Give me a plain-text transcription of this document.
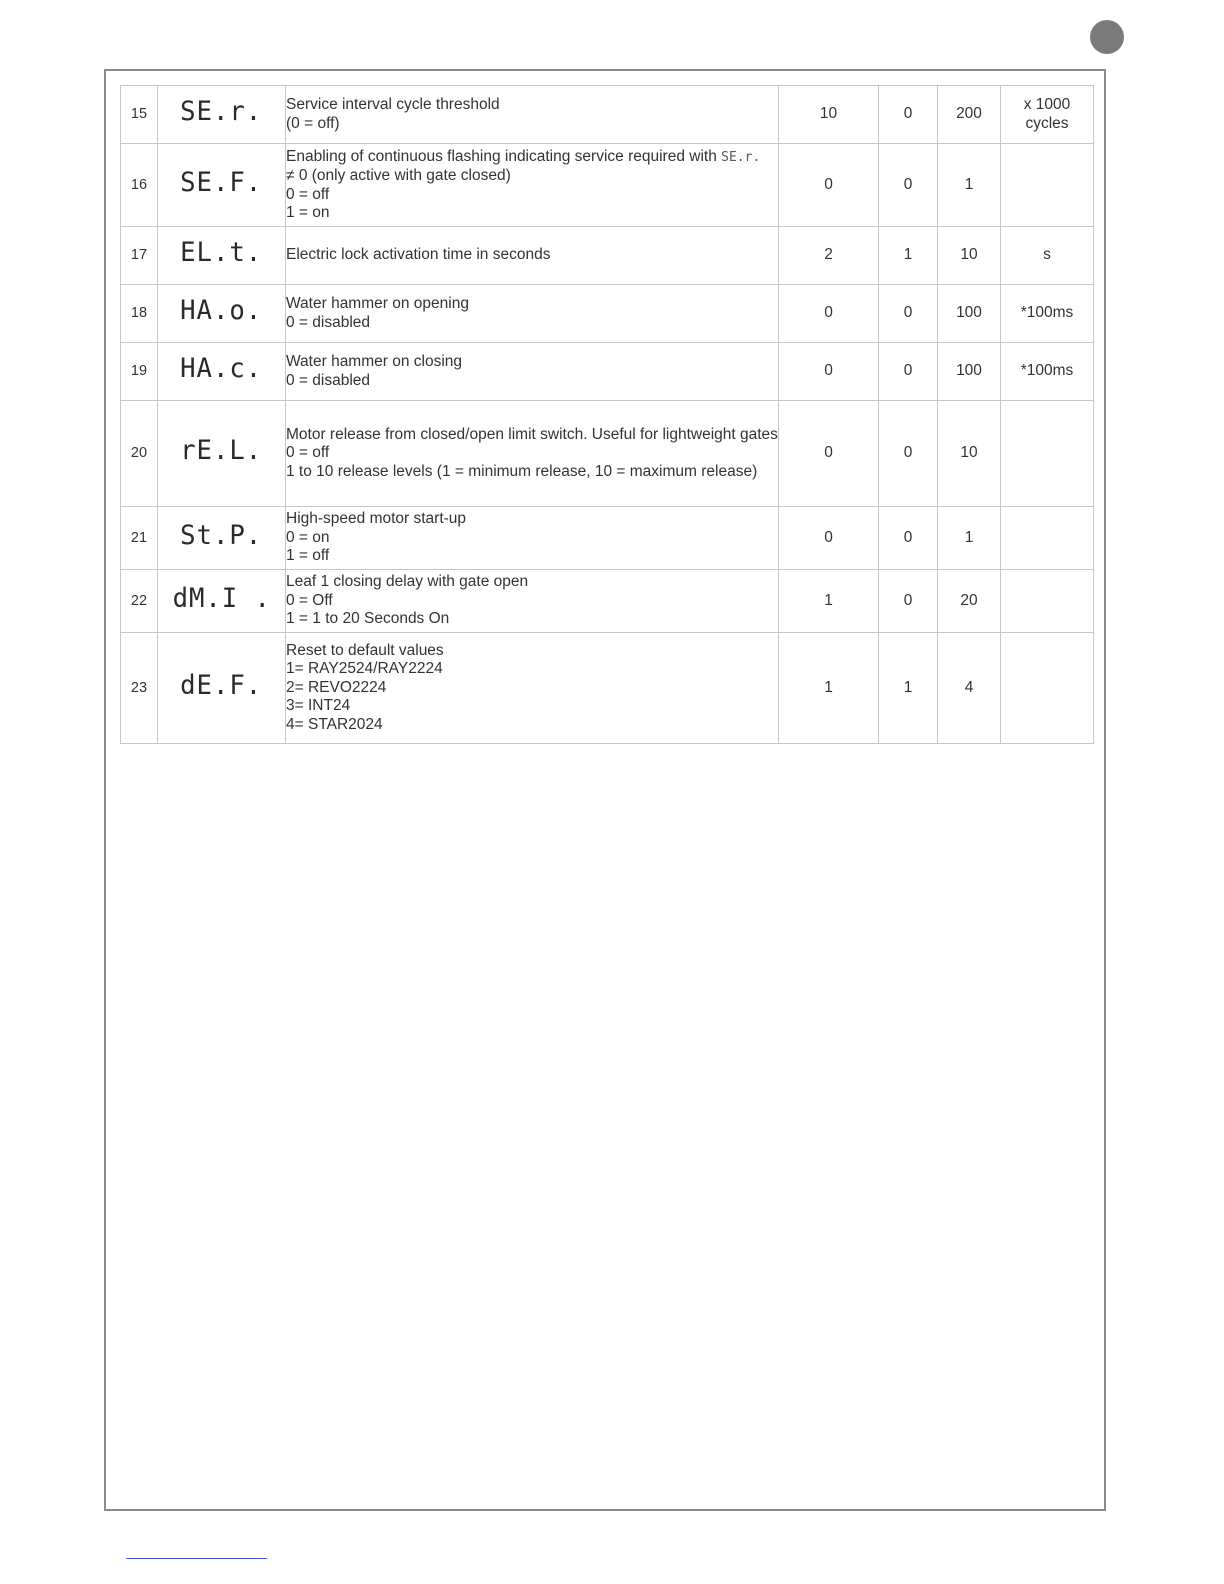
15	SE.r.	Service interval cycle threshold
(0 = off)	10	0	200	x 1000 cycles
16	SE.F.	Enabling of continuous flashing indicating service required with SE.r.
≠ 0 (only active with gate closed)
0 = off
1 = on	0	0	1	
17	EL.t.	Electric lock activation time in seconds	2	1	10	s
18	HA.o.	Water hammer on opening
0 = disabled	0	0	100	*100ms
19	HA.c.	Water hammer on closing
0 = disabled	0	0	100	*100ms
20	rE.L.	Motor release from closed/open limit switch. Useful for lightweight gates
0 = off
1 to 10 release levels (1 = minimum release, 10 = maximum release)	0	0	10	
21	St.P.	High-speed motor start-up
0 = on
1 = off	0	0	1	
22	dM.I .	Leaf 1 closing delay with gate open
0 = Off
1 = 1 to 20 Seconds On	1	0	20	
23	dE.F.	Reset to default values
1= RAY2524/RAY2224
2= REVO2224
3= INT24
4= STAR2024	1	1	4	
